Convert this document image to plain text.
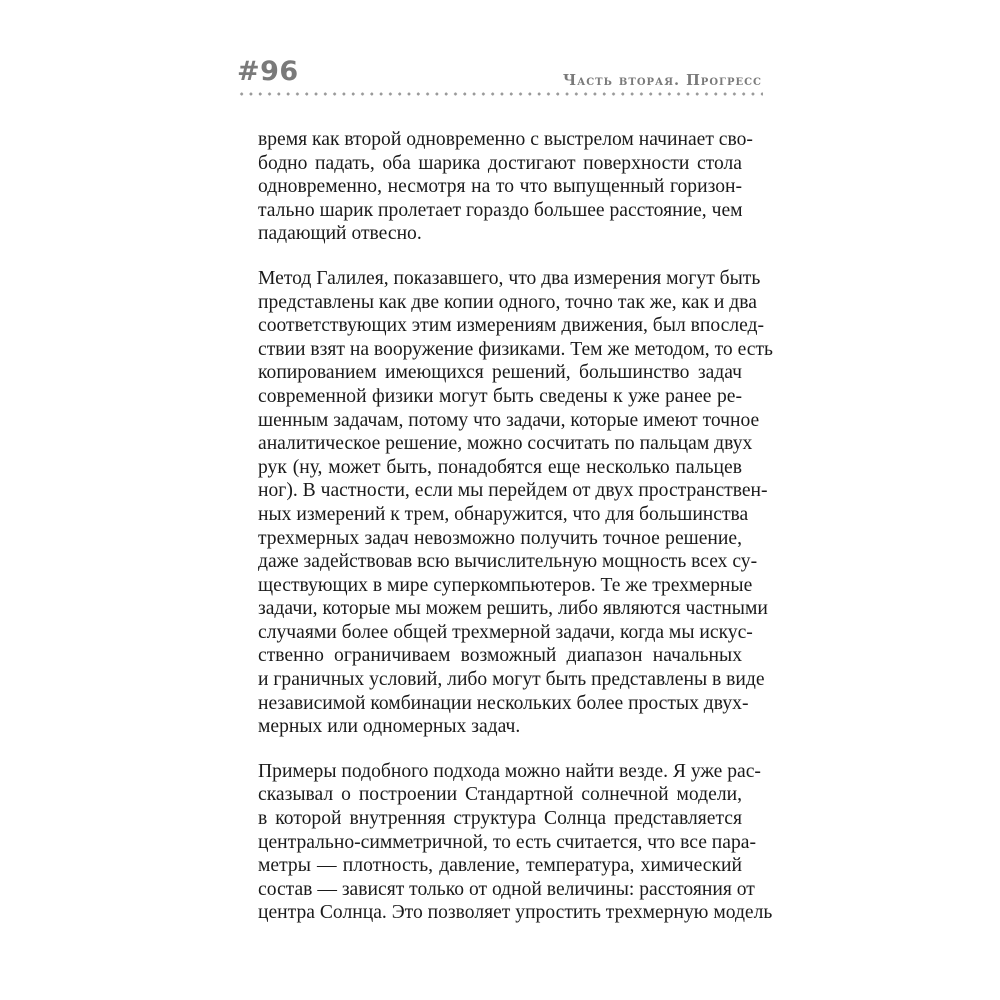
#96	Часть вторая. Прогресс
время как второй одновременно с выстрелом начинает сво-
бодно падать, оба шарика достигают поверхности стола
одновременно, несмотря на то что выпущенный горизон-
тально шарик пролетает гораздо большее расстояние, чем
падающий отвесно.
Метод Галилея, показавшего, что два измерения могут быть
представлены как две копии одного, точно так же, как и два
соответствующих этим измерениям движения, был впослед-
ствии взят на вооружение физиками. Тем же методом, то есть
копированием имеющихся решений, большинство задач
современной физики могут быть сведены к уже ранее ре-
шенным задачам, потому что задачи, которые имеют точное
аналитическое решение, можно сосчитать по пальцам двух
рук (ну, может быть, понадобятся еще несколько пальцев
ног). В частности, если мы перейдем от двух пространствен-
ных измерений к трем, обнаружится, что для большинства
трехмерных задач невозможно получить точное решение,
даже задействовав всю вычислительную мощность всех су-
ществующих в мире суперкомпьютеров. Те же трехмерные
задачи, которые мы можем решить, либо являются частными
случаями более общей трехмерной задачи, когда мы искус-
ственно ограничиваем возможный диапазон начальных
и граничных условий, либо могут быть представлены в виде
независимой комбинации нескольких более простых двух-
мерных или одномерных задач.
Примеры подобного подхода можно найти везде. Я уже рас-
сказывал о построении Стандартной солнечной модели,
в которой внутренняя структура Солнца представляется
центрально-симметричной, то есть считается, что все пара-
метры — плотность, давление, температура, химический
состав — зависят только от одной величины: расстояния от
центра Солнца. Это позволяет упростить трехмерную модель
